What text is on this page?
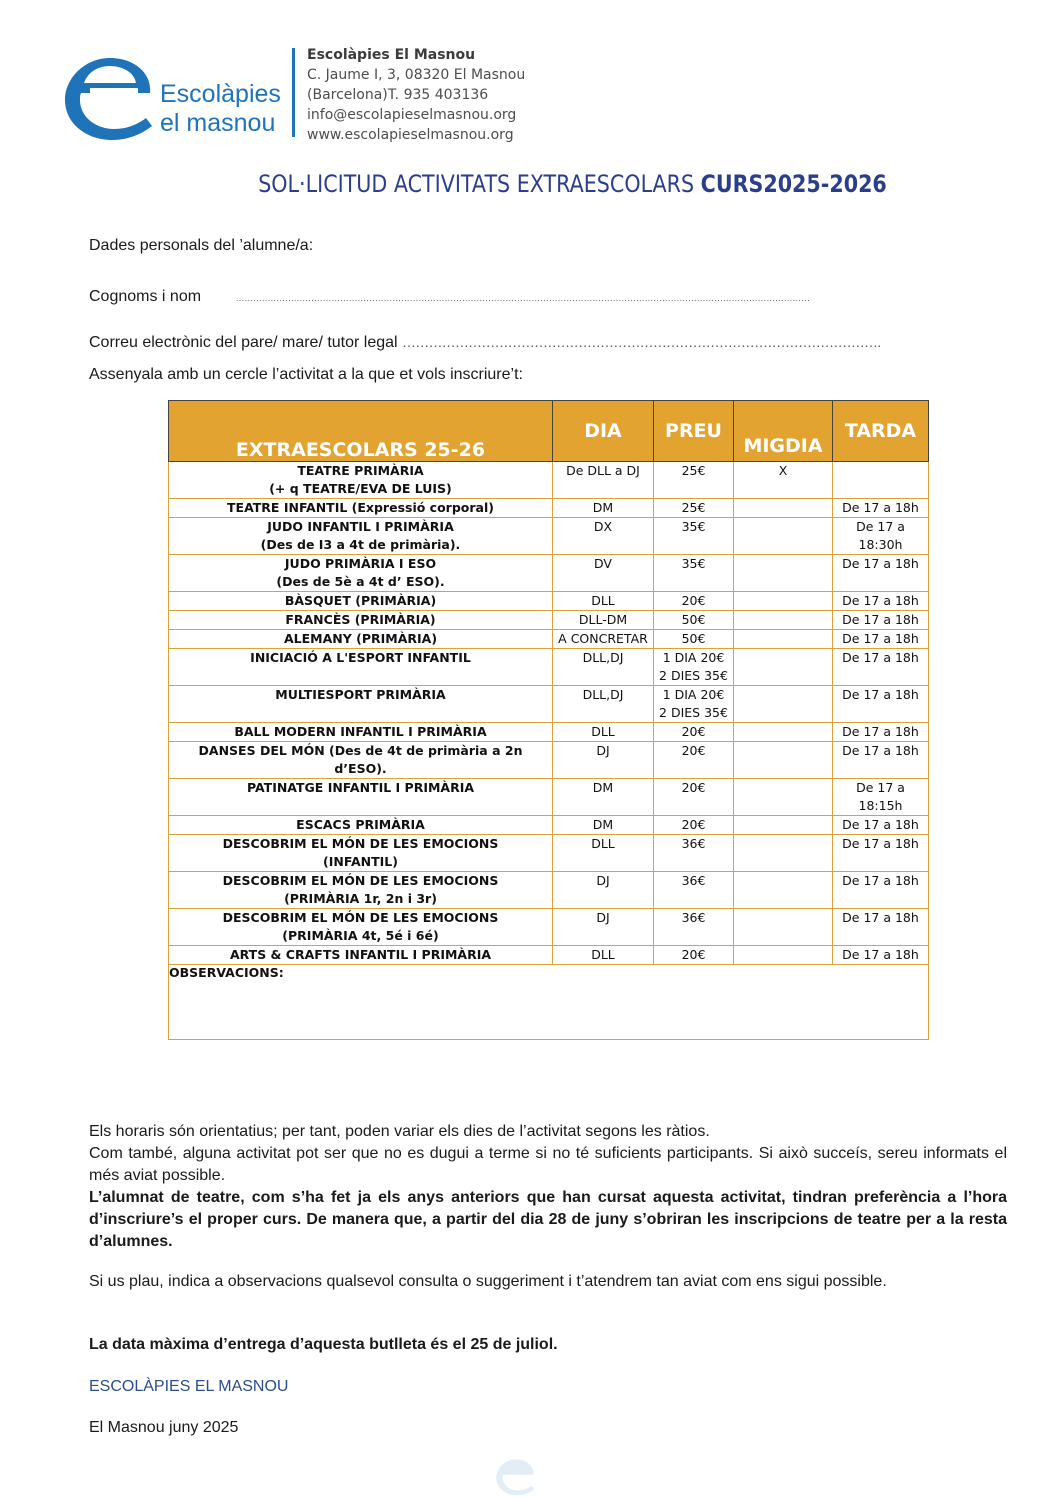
Escolàpies
el masnou
Escolàpies El Masnou
C. Jaume I, 3, 08320 El Masnou
(Barcelona)T. 935 403136
info@escolapieselmasnou.org
www.escolapieselmasnou.org
SOL·LICITUD ACTIVITATS EXTRAESCOLARS CURS2025-2026
Dades personals del ’alumne/a:
Cognoms i nom	………………………………………………………………………………………………………………………………………………………………………………
Correu electrònic del pare/ mare/ tutor legal ……………………………………………………………………………………………….
Assenyala amb un cercle l’activitat a la que et vols inscriure’t:
EXTRAESCOLARS 25-26	DIA	PREU	MIGDIA	TARDA
TEATRE PRIMÀRIA
(+ q TEATRE/EVA DE LUIS)	De DLL a DJ	25€	X	
TEATRE INFANTIL (Expressió corporal)	DM	25€		De 17 a 18h
JUDO INFANTIL I PRIMÀRIA
(Des de I3 a 4t de primària).	DX	35€		De 17 a
18:30h
JUDO PRIMÀRIA I ESO
(Des de 5è a 4t d’ ESO).	DV	35€		De 17 a 18h
BÀSQUET (PRIMÀRIA)	DLL	20€		De 17 a 18h
FRANCÈS (PRIMÀRIA)	DLL-DM	50€		De 17 a 18h
ALEMANY (PRIMÀRIA)	A CONCRETAR	50€		De 17 a 18h
INICIACIÓ A L'ESPORT INFANTIL	DLL,DJ	1 DIA 20€
2 DIES 35€		De 17 a 18h
MULTIESPORT PRIMÀRIA	DLL,DJ	1 DIA 20€
2 DIES 35€		De 17 a 18h
BALL MODERN INFANTIL I PRIMÀRIA	DLL	20€		De 17 a 18h
DANSES DEL MÓN (Des de 4t de primària a 2n
d’ESO).	DJ	20€		De 17 a 18h
PATINATGE INFANTIL I PRIMÀRIA	DM	20€		De 17 a
18:15h
ESCACS PRIMÀRIA	DM	20€		De 17 a 18h
DESCOBRIM EL MÓN DE LES EMOCIONS
(INFANTIL)	DLL	36€		De 17 a 18h
DESCOBRIM EL MÓN DE LES EMOCIONS
(PRIMÀRIA 1r, 2n i 3r)	DJ	36€		De 17 a 18h
DESCOBRIM EL MÓN DE LES EMOCIONS
(PRIMÀRIA 4t, 5é i 6é)	DJ	36€		De 17 a 18h
ARTS & CRAFTS INFANTIL I PRIMÀRIA	DLL	20€		De 17 a 18h
OBSERVACIONS:				
Els horaris són orientatius; per tant, poden variar els dies de l’activitat segons les ràtios.
Com també, alguna activitat pot ser que no es dugui a terme si no té suficients participants. Si això succeís, sereu informats el més aviat possible.
L’alumnat de teatre, com s’ha fet ja els anys anteriors que han cursat aquesta activitat, tindran preferència a l’hora d’inscriure’s el proper curs. De manera que, a partir del dia 28 de juny s’obriran les inscripcions de teatre per a la resta d’alumnes.
Si us plau, indica a observacions qualsevol consulta o suggeriment i t’atendrem tan aviat com ens sigui possible.
La data màxima d’entrega d’aquesta butlleta és el 25 de juliol.
ESCOLÀPIES EL MASNOU
El Masnou juny 2025
